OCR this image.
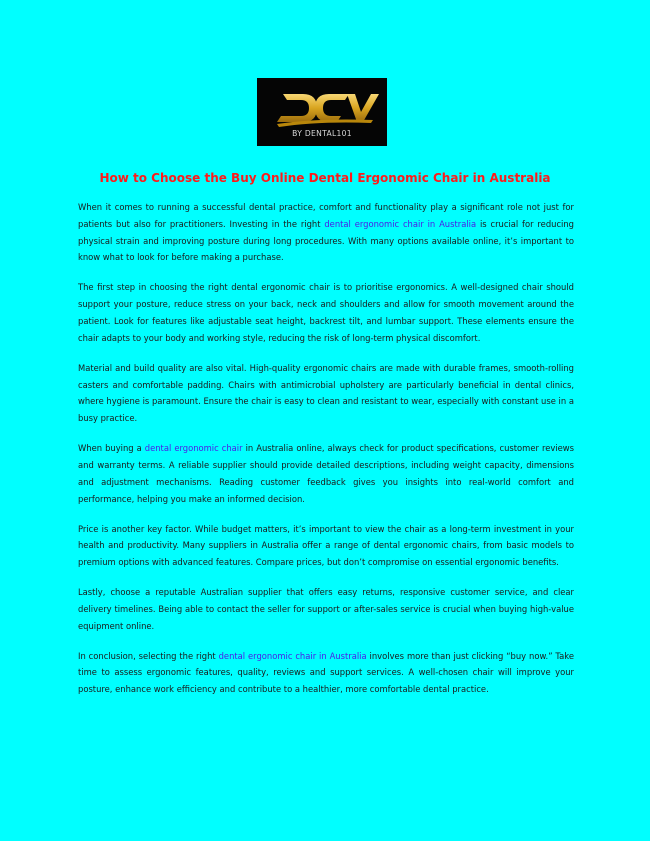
BY DENTAL101
How to Choose the Buy Online Dental Ergonomic Chair in Australia

When it comes to running a successful dental practice, comfort and functionality play a significant role not just for patients but also for practitioners. Investing in the right dental ergonomic chair in Australia is crucial for reducing physical strain and improving posture during long procedures. With many options available online, it’s important to know what to look for before making a purchase.

The first step in choosing the right dental ergonomic chair is to prioritise ergonomics. A well-designed chair should support your posture, reduce stress on your back, neck and shoulders and allow for smooth movement around the patient. Look for features like adjustable seat height, backrest tilt, and lumbar support. These elements ensure the chair adapts to your body and working style, reducing the risk of long-term physical discomfort.

Material and build quality are also vital. High-quality ergonomic chairs are made with durable frames, smooth-rolling casters and comfortable padding. Chairs with antimicrobial upholstery are particularly beneficial in dental clinics, where hygiene is paramount. Ensure the chair is easy to clean and resistant to wear, especially with constant use in a busy practice.

When buying a dental ergonomic chair in Australia online, always check for product specifications, customer reviews and warranty terms. A reliable supplier should provide detailed descriptions, including weight capacity, dimensions and adjustment mechanisms. Reading customer feedback gives you insights into real-world comfort and performance, helping you make an informed decision.

Price is another key factor. While budget matters, it’s important to view the chair as a long-term investment in your health and productivity. Many suppliers in Australia offer a range of dental ergonomic chairs, from basic models to premium options with advanced features. Compare prices, but don’t compromise on essential ergonomic benefits.

Lastly, choose a reputable Australian supplier that offers easy returns, responsive customer service, and clear delivery timelines. Being able to contact the seller for support or after-sales service is crucial when buying high-value equipment online.

In conclusion, selecting the right dental ergonomic chair in Australia involves more than just clicking “buy now.” Take time to assess ergonomic features, quality, reviews and support services. A well-chosen chair will improve your posture, enhance work efficiency and contribute to a healthier, more comfortable dental practice.
